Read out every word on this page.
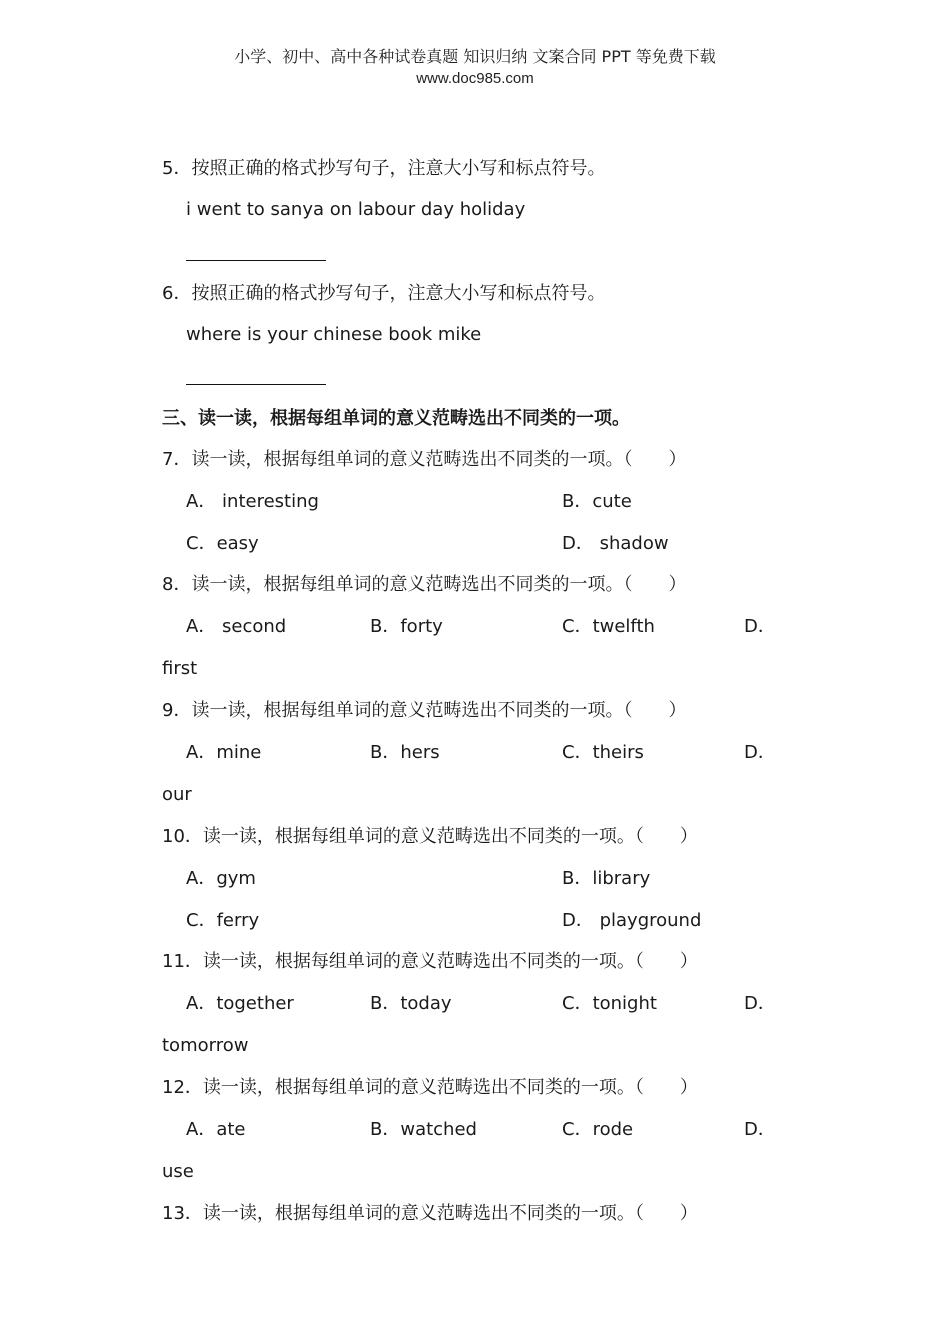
小学、初中、高中各种试卷真题 知识归纳 文案合同 PPT 等免费下载
www.doc985.com
5．按照正确的格式抄写句子，注意大小写和标点符号。
i went to sanya on labour day holiday
6．按照正确的格式抄写句子，注意大小写和标点符号。
where is your chinese book mike
三、读一读，根据每组单词的意义范畴选出不同类的一项。
7．读一读，根据每组单词的意义范畴选出不同类的一项。（　　）
A． interesting	B．cute
C．easy	D． shadow
8．读一读，根据每组单词的意义范畴选出不同类的一项。（　　）
A． second	B．forty	C．twelfth	D．
first
9．读一读，根据每组单词的意义范畴选出不同类的一项。（　　）
A．mine	B．hers	C．theirs	D．
our
10．读一读，根据每组单词的意义范畴选出不同类的一项。（　　）
A．gym	B．library
C．ferry	D． playground
11．读一读，根据每组单词的意义范畴选出不同类的一项。（　　）
A．together	B．today	C．tonight	D．
tomorrow
12．读一读，根据每组单词的意义范畴选出不同类的一项。（　　）
A．ate	B．watched	C．rode	D．
use
13．读一读，根据每组单词的意义范畴选出不同类的一项。（　　）
